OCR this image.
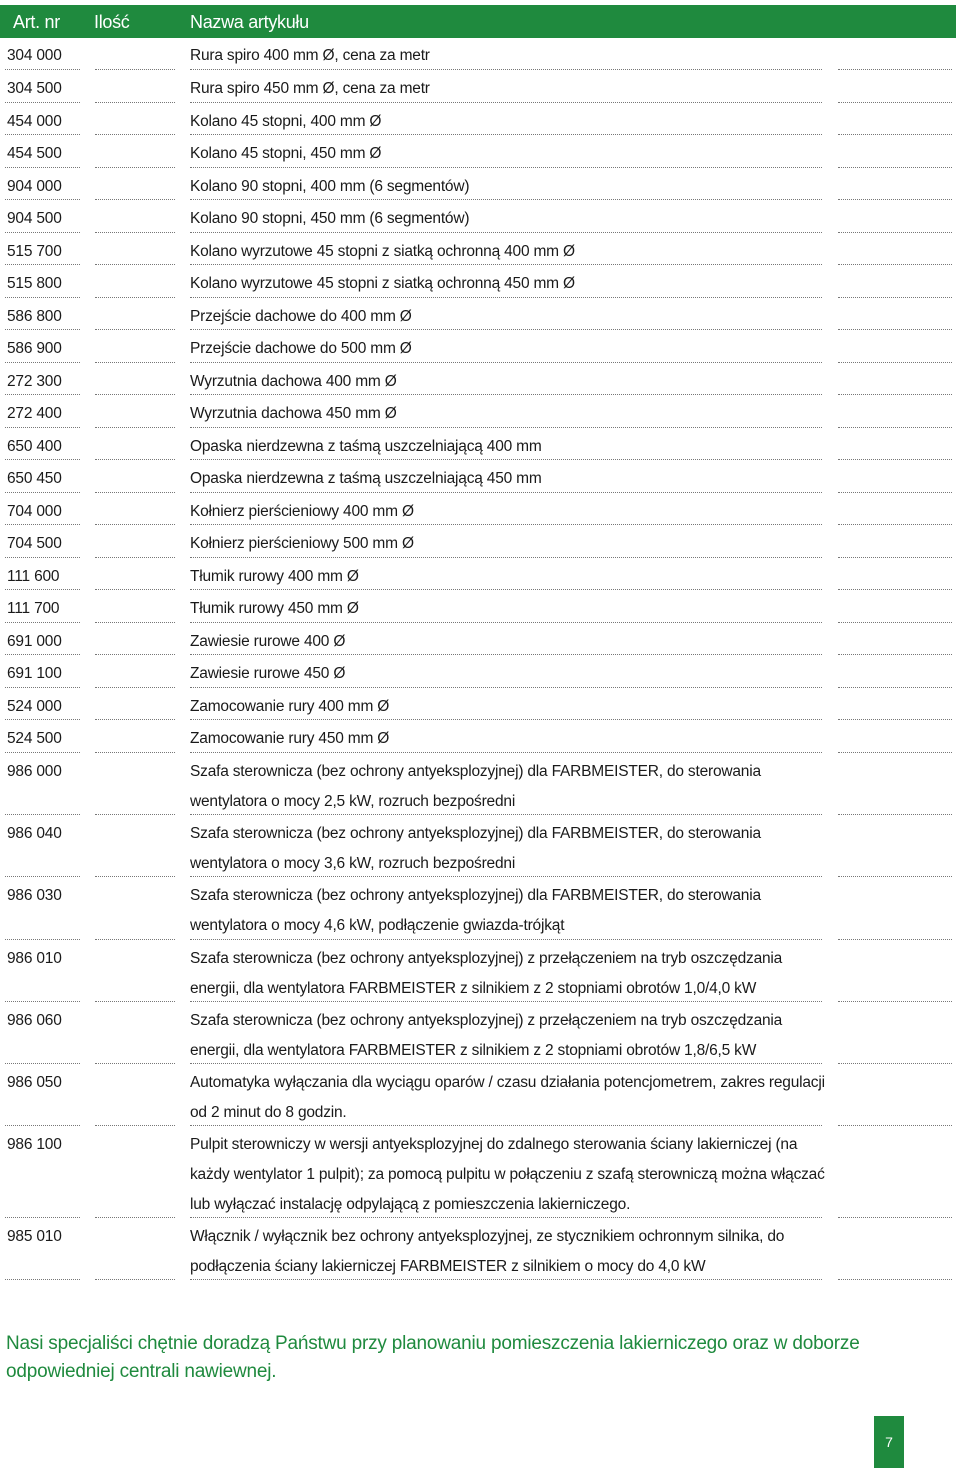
Art. nr Ilość	Nazwa artykułu
304 000	Rura spiro 400 mm Ø, cena za metr
304 500	Rura spiro 450 mm Ø, cena za metr
454 000	Kolano 45 stopni, 400 mm Ø
454 500	Kolano 45 stopni, 450 mm Ø
904 000	Kolano 90 stopni, 400 mm (6 segmentów)
904 500	Kolano 90 stopni, 450 mm (6 segmentów)
515 700	Kolano wyrzutowe 45 stopni z siatką ochronną 400 mm Ø
515 800	Kolano wyrzutowe 45 stopni z siatką ochronną 450 mm Ø
586 800	Przejście dachowe do 400 mm Ø
586 900	Przejście dachowe do 500 mm Ø
272 300	Wyrzutnia dachowa 400 mm Ø
272 400	Wyrzutnia dachowa 450 mm Ø
650 400	Opaska nierdzewna z taśmą uszczelniającą 400 mm
650 450	Opaska nierdzewna z taśmą uszczelniającą 450 mm
704 000	Kołnierz pierścieniowy 400 mm Ø
704 500	Kołnierz pierścieniowy 500 mm Ø
111 600	Tłumik rurowy 400 mm Ø
111 700	Tłumik rurowy 450 mm Ø
691 000	Zawiesie rurowe 400 Ø
691 100	Zawiesie rurowe 450 Ø
524 000	Zamocowanie rury 400 mm Ø
524 500	Zamocowanie rury 450 mm Ø
986 000	Szafa sterownicza (bez ochrony antyeksplozyjnej) dla FARBMEISTER, do sterowania wentylatora o mocy 2,5 kW, rozruch bezpośredni
986 040	Szafa sterownicza (bez ochrony antyeksplozyjnej) dla FARBMEISTER, do sterowania wentylatora o mocy 3,6 kW, rozruch bezpośredni
986 030	Szafa sterownicza (bez ochrony antyeksplozyjnej) dla FARBMEISTER, do sterowania wentylatora o mocy 4,6 kW, podłączenie gwiazda-trójkąt
986 010	Szafa sterownicza (bez ochrony antyeksplozyjnej) z przełączeniem na tryb oszczędzania energii, dla wentylatora FARBMEISTER z silnikiem z 2 stopniami obrotów 1,0/4,0 kW
986 060	Szafa sterownicza (bez ochrony antyeksplozyjnej) z przełączeniem na tryb oszczędzania energii, dla wentylatora FARBMEISTER z silnikiem z 2 stopniami obrotów 1,8/6,5 kW
986 050	Automatyka wyłączania dla wyciągu oparów / czasu działania potencjometrem, zakres regulacji od 2 minut do 8 godzin.
986 100	Pulpit sterowniczy w wersji antyeksplozyjnej do zdalnego sterowania ściany lakierniczej (na każdy wentylator 1 pulpit); za pomocą pulpitu w połączeniu z szafą sterowniczą można włączać lub wyłączać instalację odpylającą z pomieszczenia lakierniczego.
985 010	Włącznik / wyłącznik bez ochrony antyeksplozyjnej, ze stycznikiem ochronnym silnika, do podłączenia ściany lakierniczej FARBMEISTER z silnikiem o mocy do 4,0 kW
Nasi specjaliści chętnie doradzą Państwu przy planowaniu pomieszczenia lakierniczego oraz w doborze odpowiedniej centrali nawiewnej.
7
